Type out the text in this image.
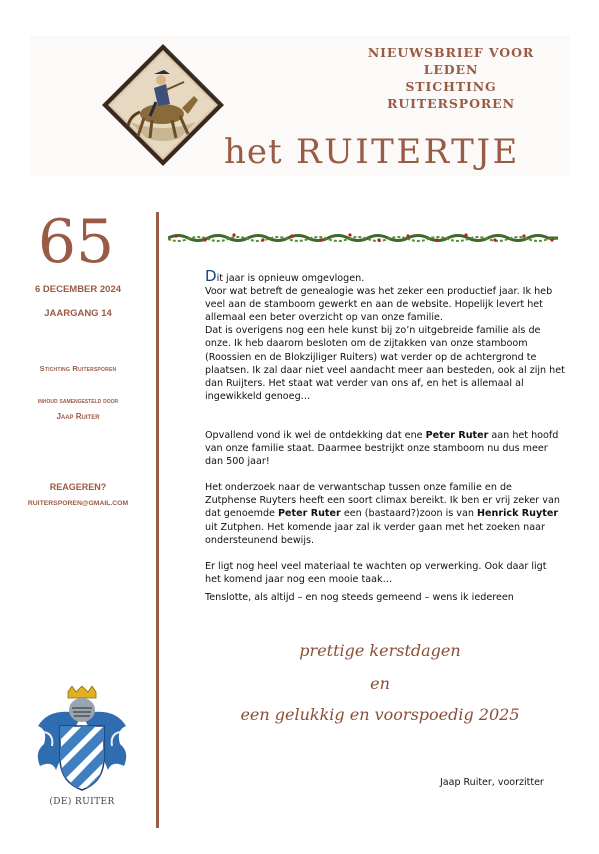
NIEUWSBRIEF VOOR LEDEN
STICHTING RUITERSPOREN
het RUITERTJE
65
6 DECEMBER 2024
JAARGANG 14
Stichting Ruitersporen
inhoud samengesteld door
Jaap Ruiter
REAGEREN?
RUITERSPOREN@GMAIL.COM

Dit jaar is opnieuw omgevlogen.

Voor wat betreft de genealogie was het zeker een productief jaar. Ik heb veel aan de stamboom gewerkt en aan de website. Hopelijk levert het allemaal een beter overzicht op van onze familie.

Dat is overigens nog een hele kunst bij zo’n uitgebreide familie als de onze. Ik heb daarom besloten om de zijtakken van onze stamboom (Roossien en de Blokzijliger Ruiters) wat verder op de achtergrond te plaatsen. Ik zal daar niet veel aandacht meer aan besteden, ook al zijn het dan Ruijters. Het staat wat verder van ons af, en het is allemaal al ingewikkeld genoeg…

Opvallend vond ik wel de ontdekking dat ene Peter Ruter aan het hoofd van onze familie staat. Daarmee bestrijkt onze stamboom nu dus meer dan 500 jaar!

Het onderzoek naar de verwantschap tussen onze familie en de Zutphense Ruyters heeft een soort climax bereikt. Ik ben er vrij zeker van dat genoemde Peter Ruter een (bastaard?)zoon is van Henrick Ruyter uit Zutphen. Het komende jaar zal ik verder gaan met het zoeken naar ondersteunend bewijs.

Er ligt nog heel veel materiaal te wachten op verwerking. Ook daar ligt het komend jaar nog een mooie taak…

Tenslotte, als altijd – en nog steeds gemeend – wens ik iedereen

prettige kerstdagen
en
een gelukkig en voorspoedig 2025
Jaap Ruiter, voorzitter
(DE) RUITER
